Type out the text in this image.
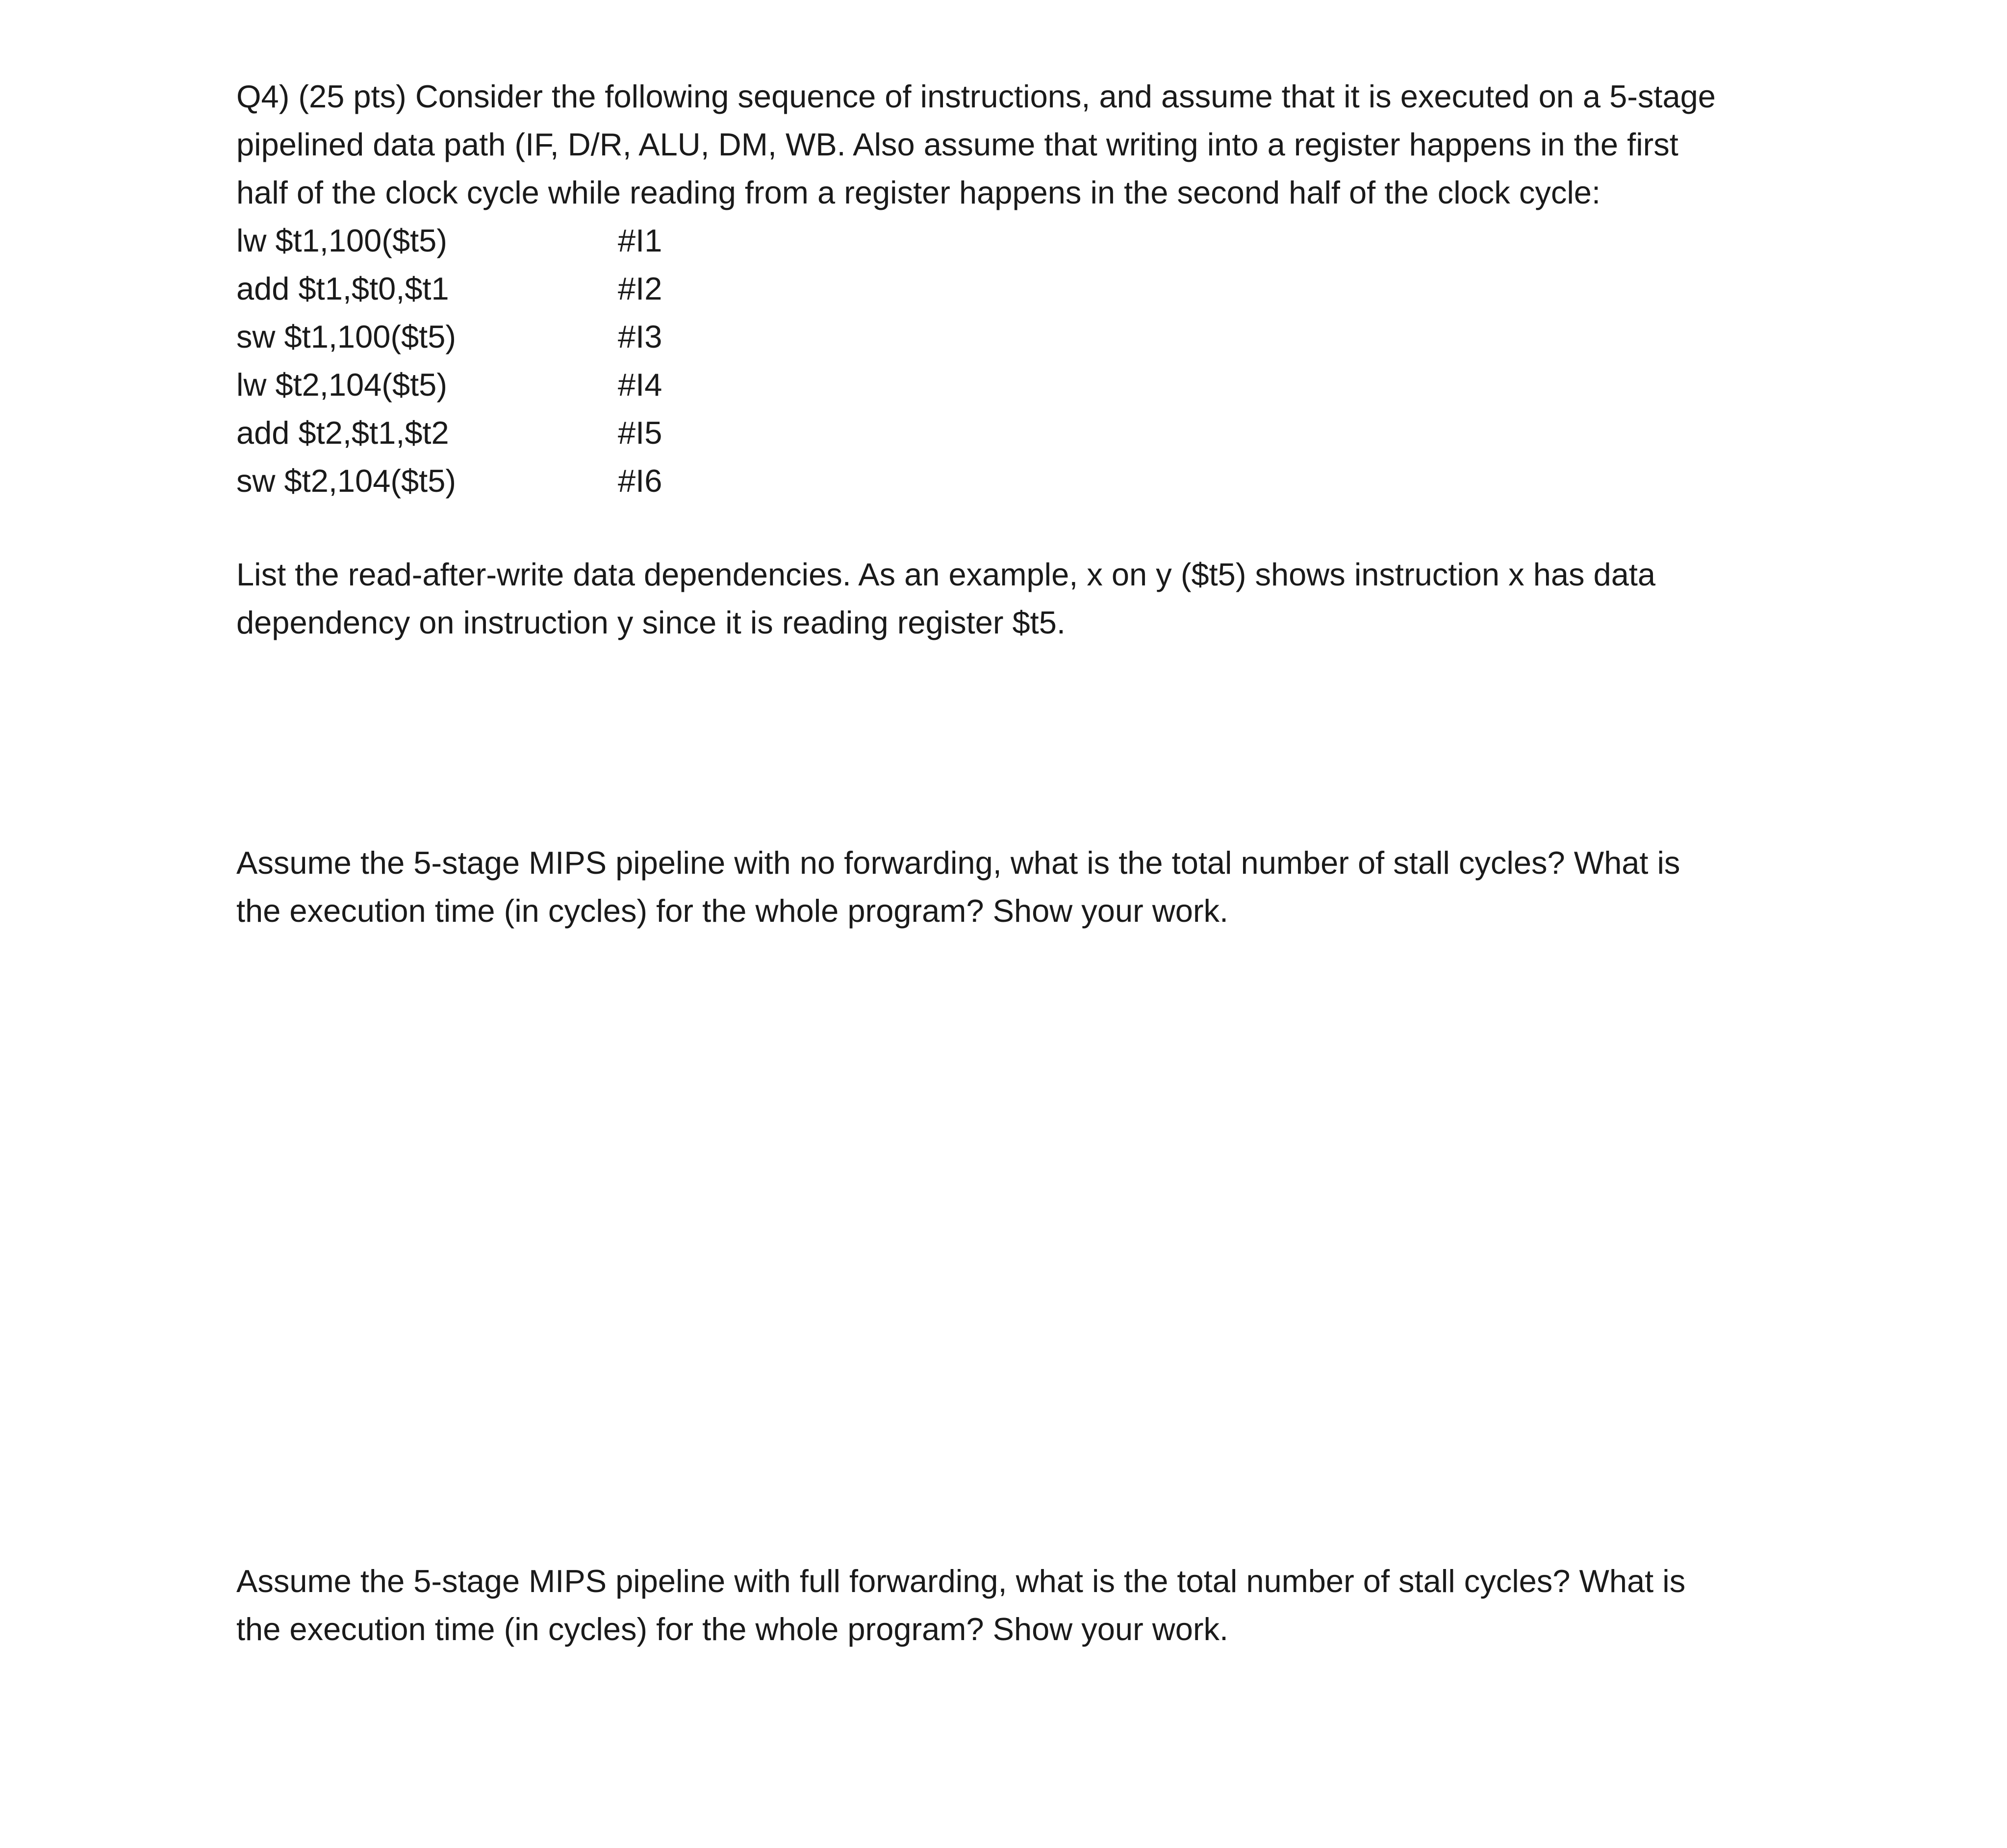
Q4) (25 pts) Consider the following sequence of instructions, and assume that it is executed on a 5-stage
pipelined data path (IF, D/R, ALU, DM, WB. Also assume that writing into a register happens in the first
half of the clock cycle while reading from a register happens in the second half of the clock cycle:
lw $t1,100($t5)	#I1
add $t1,$t0,$t1	#I2
sw $t1,100($t5)	#I3
lw $t2,104($t5)	#I4
add $t2,$t1,$t2	#I5
sw $t2,104($t5)	#I6
List the read-after-write data dependencies. As an example, x on y ($t5) shows instruction x has data
dependency on instruction y since it is reading register $t5.
Assume the 5-stage MIPS pipeline with no forwarding, what is the total number of stall cycles? What is
the execution time (in cycles) for the whole program? Show your work.
Assume the 5-stage MIPS pipeline with full forwarding, what is the total number of stall cycles? What is
the execution time (in cycles) for the whole program? Show your work.
